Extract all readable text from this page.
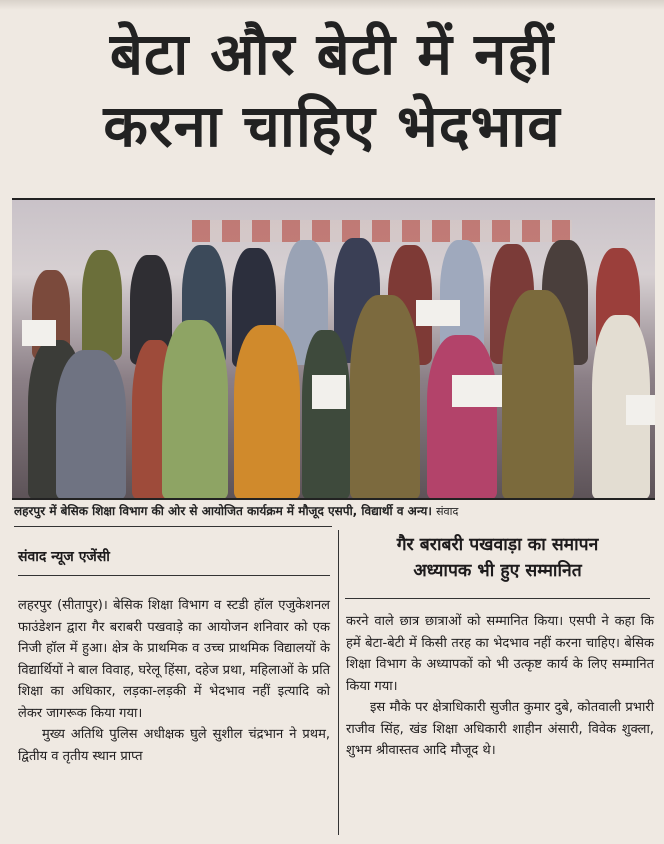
बेटा और बेटी में नहीं
करना चाहिए भेदभाव
लहरपुर में बेसिक शिक्षा विभाग की ओर से आयोजित कार्यक्रम में मौजूद एसपी, विद्यार्थी व अन्य। संवाद
संवाद न्यूज एजेंसी
गैर बराबरी पखवाड़ा का समापन
अध्यापक भी हुए सम्मानित

लहरपुर (सीतापुर)। बेसिक शिक्षा विभाग व स्टडी हॉल एजुकेशनल फाउंडेशन द्वारा गैर बराबरी पखवाड़े का आयोजन शनिवार को एक निजी हॉल में हुआ। क्षेत्र के प्राथमिक व उच्च प्राथमिक विद्यालयों के विद्यार्थियों ने बाल विवाह, घरेलू हिंसा, दहेज प्रथा, महिलाओं के प्रति शिक्षा का अधिकार, लड़का-लड़की में भेदभाव नहीं इत्यादि को लेकर जागरूक किया गया।

मुख्य अतिथि पुलिस अधीक्षक घुले सुशील चंद्रभान ने प्रथम, द्वितीय व तृतीय स्थान प्राप्त

करने वाले छात्र छात्राओं को सम्मानित किया। एसपी ने कहा कि हमें बेटा-बेटी में किसी तरह का भेदभाव नहीं करना चाहिए। बेसिक शिक्षा विभाग के अध्यापकों को भी उत्कृष्ट कार्य के लिए सम्मानित किया गया।

इस मौके पर क्षेत्राधिकारी सुजीत कुमार दुबे, कोतवाली प्रभारी राजीव सिंह, खंड शिक्षा अधिकारी शाहीन अंसारी, विवेक शुक्ला, शुभम श्रीवास्तव आदि मौजूद थे।
